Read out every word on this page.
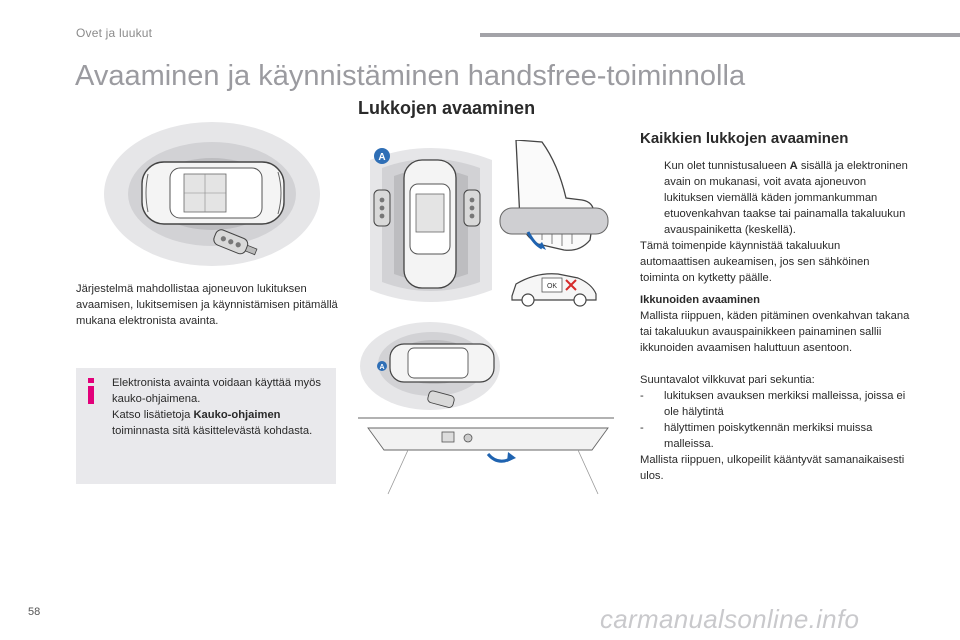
Ovet ja luukut
Avaaminen ja käynnistäminen handsfree-toiminnolla
Lukkojen avaaminen
Järjestelmä mahdollistaa ajoneuvon lukituksen avaamisen, lukitsemisen ja käynnistämisen pitämällä mukana elektronista avainta.
Elektronista avainta voidaan käyttää myös kauko-ohjaimena.
Katso lisätietoja Kauko-ohjaimen toiminnasta sitä käsittelevästä kohdasta.
A
OK
A
Kaikkien lukkojen avaaminen
Kun olet tunnistusalueen A sisällä ja elektroninen avain on mukanasi, voit avata ajoneuvon lukituksen viemällä käden jommankumman etuovenkahvan taakse tai painamalla takaluukun avauspainiketta (keskellä).
Tämä toimenpide käynnistää takaluukun automaattisen aukeamisen, jos sen sähköinen toiminta on kytketty päälle.
Ikkunoiden avaaminen
Mallista riippuen, käden pitäminen ovenkahvan takana tai takaluukun avauspainikkeen painaminen sallii ikkunoiden avaamisen haluttuun asentoon.
Suuntavalot vilkkuvat pari sekuntia:
- lukituksen avauksen merkiksi malleissa, joissa ei ole hälytintä
- hälyttimen poiskytkennän merkiksi muissa malleissa.
Mallista riippuen, ulkopeilit kääntyvät samanaikaisesti ulos.
58	carmanualsonline.info
